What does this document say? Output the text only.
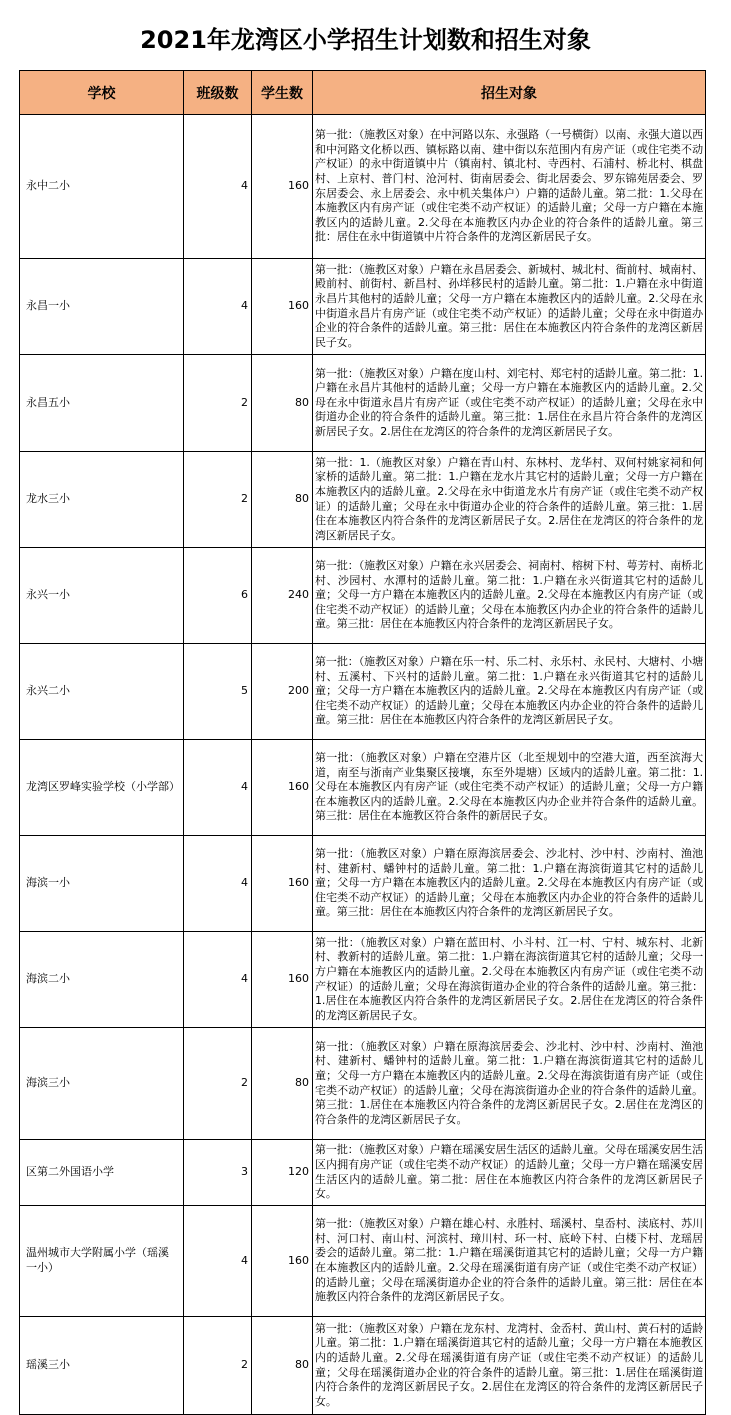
2021年龙湾区小学招生计划数和招生对象
学校	班级数	学生数	招生对象
永中二小	4	160	第一批：（施教区对象）在中河路以东、永强路（一号横街）以南、永强大道以西和中河路文化桥以西、镇标路以南、建中街以东范围内有房产证（或住宅类不动产权证）的永中街道镇中片（镇南村、镇北村、寺西村、石浦村、桥北村、棋盘村、上京村、普门村、沧河村、街南居委会、街北居委会、罗东锦苑居委会、罗东居委会、永上居委会、永中机关集体户）户籍的适龄儿童。第二批：1.父母在本施教区内有房产证（或住宅类不动产权证）的适龄儿童；父母一方户籍在本施教区内的适龄儿童。2.父母在本施教区内办企业的符合条件的适龄儿童。第三批：居住在永中街道镇中片符合条件的龙湾区新居民子女。
永昌一小	4	160	第一批：（施教区对象）户籍在永昌居委会、新城村、城北村、衙前村、城南村、殿前村、前街村、新昌村、孙垟移民村的适龄儿童。第二批：1.户籍在永中街道永昌片其他村的适龄儿童；父母一方户籍在本施教区内的适龄儿童。2.父母在永中街道永昌片有房产证（或住宅类不动产权证）的适龄儿童；父母在永中街道办企业的符合条件的适龄儿童。第三批：居住在本施教区内符合条件的龙湾区新居民子女。
永昌五小	2	80	第一批：（施教区对象）户籍在度山村、刘宅村、郑宅村的适龄儿童。第二批：1.户籍在永昌片其他村的适龄儿童；父母一方户籍在本施教区内的适龄儿童。2.父母在永中街道永昌片有房产证（或住宅类不动产权证）的适龄儿童；父母在永中街道办企业的符合条件的适龄儿童。第三批：1.居住在永昌片符合条件的龙湾区新居民子女。2.居住在龙湾区的符合条件的龙湾区新居民子女。
龙水三小	2	80	第一批：1.（施教区对象）户籍在青山村、东林村、龙华村、双何村姚家祠和何家桥的适龄儿童。第二批：1.户籍在龙水片其它村的适龄儿童；父母一方户籍在本施教区内的适龄儿童。2.父母在永中街道龙水片有房产证（或住宅类不动产权证）的适龄儿童；父母在永中街道办企业的符合条件的适龄儿童。第三批：1.居住在本施教区内符合条件的龙湾区新居民子女。2.居住在龙湾区的符合条件的龙湾区新居民子女。
永兴一小	6	240	第一批：（施教区对象）户籍在永兴居委会、祠南村、榕树下村、萼芳村、南桥北村、沙园村、水潭村的适龄儿童。第二批：1.户籍在永兴街道其它村的适龄儿童；父母一方户籍在本施教区内的适龄儿童。2.父母在本施教区内有房产证（或住宅类不动产权证）的适龄儿童；父母在本施教区内办企业的符合条件的适龄儿童。第三批：居住在本施教区内符合条件的龙湾区新居民子女。
永兴二小	5	200	第一批：（施教区对象）户籍在乐一村、乐二村、永乐村、永民村、大塘村、小塘村、五溪村、下兴村的适龄儿童。第二批：1.户籍在永兴街道其它村的适龄儿童；父母一方户籍在本施教区内的适龄儿童。2.父母在本施教区内有房产证（或住宅类不动产权证）的适龄儿童；父母在本施教区内办企业的符合条件的适龄儿童。第三批：居住在本施教区内符合条件的龙湾区新居民子女。
龙湾区罗峰实验学校（小学部）	4	160	第一批：（施教区对象）户籍在空港片区（北至规划中的空港大道，西至滨海大道，南至与浙南产业集聚区接壤，东至外堤塘）区域内的适龄儿童。第二批：1.父母在本施教区内有房产证（或住宅类不动产权证）的适龄儿童；父母一方户籍在本施教区内的适龄儿童。2.父母在本施教区内办企业并符合条件的适龄儿童。第三批：居住在本施教区符合条件的新居民子女。
海滨一小	4	160	第一批：（施教区对象）户籍在原海滨居委会、沙北村、沙中村、沙南村、渔池村、建新村、蟠钟村的适龄儿童。第二批：1.户籍在海滨街道其它村的适龄儿童；父母一方户籍在本施教区内的适龄儿童。2.父母在本施教区内有房产证（或住宅类不动产权证）的适龄儿童；父母在本施教区内办企业的符合条件的适龄儿童。第三批：居住在本施教区内符合条件的龙湾区新居民子女。
海滨二小	4	160	第一批：（施教区对象）户籍在蓝田村、小斗村、江一村、宁村、城东村、北新村、教新村的适龄儿童。第二批：1.户籍在海滨街道其它村的适龄儿童；父母一方户籍在本施教区内的适龄儿童。2.父母在本施教区内有房产证（或住宅类不动产权证）的适龄儿童；父母在海滨街道办企业的符合条件的适龄儿童。第三批：1.居住在本施教区内符合条件的龙湾区新居民子女。2.居住在龙湾区的符合条件的龙湾区新居民子女。
海滨三小	2	80	第一批：（施教区对象）户籍在原海滨居委会、沙北村、沙中村、沙南村、渔池村、建新村、蟠钟村的适龄儿童。第二批：1.户籍在海滨街道其它村的适龄儿童；父母一方户籍在本施教区内的适龄儿童。2.父母在海滨街道有房产证（或住宅类不动产权证）的适龄儿童；父母在海滨街道办企业的符合条件的适龄儿童。第三批：1.居住在本施教区内符合条件的龙湾区新居民子女。2.居住在龙湾区的符合条件的龙湾区新居民子女。
区第二外国语小学	3	120	第一批：（施教区对象）户籍在瑶溪安居生活区的适龄儿童。父母在瑶溪安居生活区内拥有房产证（或住宅类不动产权证）的适龄儿童；父母一方户籍在瑶溪安居生活区内的适龄儿童。第二批：居住在本施教区内符合条件的龙湾区新居民子女。
温州城市大学附属小学（瑶溪一小）	4	160	第一批：（施教区对象）户籍在雄心村、永胜村、瑶溪村、皇岙村、渎底村、苏川村、河口村、南山村、河滨村、璋川村、环一村、底岭下村、白楼下村、龙瑶居委会的适龄儿童。第二批：1.户籍在瑶溪街道其它村的适龄儿童；父母一方户籍在本施教区内的适龄儿童。2.父母在瑶溪街道有房产证（或住宅类不动产权证）的适龄儿童；父母在瑶溪街道办企业的符合条件的适龄儿童。第三批：居住在本施教区内符合条件的龙湾区新居民子女。
瑶溪三小	2	80	第一批：（施教区对象）户籍在龙东村、龙湾村、金岙村、黄山村、黄石村的适龄儿童。第二批：1.户籍在瑶溪街道其它村的适龄儿童；父母一方户籍在本施教区内的适龄儿童。2.父母在瑶溪街道有房产证（或住宅类不动产权证）的适龄儿童；父母在瑶溪街道办企业的符合条件的适龄儿童。第三批：1.居住在瑶溪街道内符合条件的龙湾区新居民子女。2.居住在龙湾区的符合条件的龙湾区新居民子女。
